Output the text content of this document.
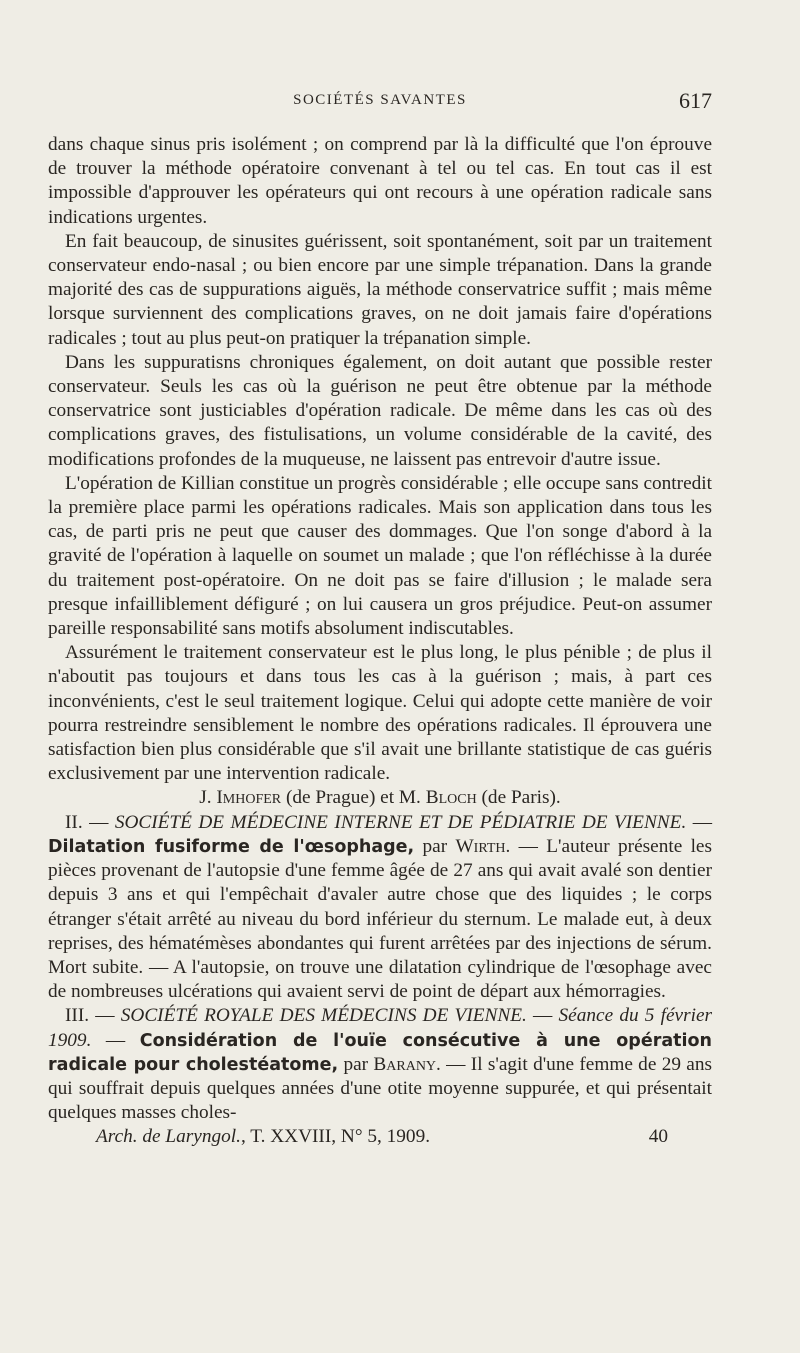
SOCIÉTÉS SAVANTES	617

dans chaque sinus pris isolément ; on comprend par là la difficulté que l'on éprouve de trouver la méthode opératoire convenant à tel ou tel cas. En tout cas il est impossible d'approuver les opérateurs qui ont recours à une opération radicale sans indications urgentes.

En fait beaucoup, de sinusites guérissent, soit spontanément, soit par un traitement conservateur endo-nasal ; ou bien encore par une simple trépanation. Dans la grande majorité des cas de suppurations aiguës, la méthode conservatrice suffit ; mais même lorsque surviennent des complications graves, on ne doit jamais faire d'opérations radicales ; tout au plus peut-on pratiquer la trépanation simple.

Dans les suppuratisns chroniques également, on doit autant que possible rester conservateur. Seuls les cas où la guérison ne peut être obtenue par la méthode conservatrice sont justiciables d'opération radicale. De même dans les cas où des complications graves, des fistulisations, un volume considérable de la cavité, des modifications profondes de la muqueuse, ne laissent pas entrevoir d'autre issue.

L'opération de Killian constitue un progrès considérable ; elle occupe sans contredit la première place parmi les opérations radicales. Mais son application dans tous les cas, de parti pris ne peut que causer des dommages. Que l'on songe d'abord à la gravité de l'opération à laquelle on soumet un malade ; que l'on réfléchisse à la durée du traitement post-opératoire. On ne doit pas se faire d'illusion ; le malade sera presque infailliblement défiguré ; on lui causera un gros préjudice. Peut-on assumer pareille responsabilité sans motifs absolument indiscutables.

Assurément le traitement conservateur est le plus long, le plus pénible ; de plus il n'aboutit pas toujours et dans tous les cas à la guérison ; mais, à part ces inconvénients, c'est le seul traitement logique. Celui qui adopte cette manière de voir pourra restreindre sensiblement le nombre des opérations radicales. Il éprouvera une satisfaction bien plus considérable que s'il avait une brillante statistique de cas guéris exclusivement par une intervention radicale.

J. Imhofer (de Prague) et M. Bloch (de Paris).

II. — SOCIÉTÉ DE MÉDECINE INTERNE ET DE PÉDIATRIE DE VIENNE. — Dilatation fusiforme de l'œsophage, par Wirth. — L'auteur présente les pièces provenant de l'autopsie d'une femme âgée de 27 ans qui avait avalé son dentier depuis 3 ans et qui l'empêchait d'avaler autre chose que des liquides ; le corps étranger s'était arrêté au niveau du bord inférieur du sternum. Le malade eut, à deux reprises, des hématémèses abondantes qui furent arrêtées par des injections de sérum. Mort subite. — A l'autopsie, on trouve une dilatation cylindrique de l'œsophage avec de nombreuses ulcérations qui avaient servi de point de départ aux hémorragies.

III. — SOCIÉTÉ ROYALE DES MÉDECINS DE VIENNE. — Séance du 5 février 1909. — Considération de l'ouïe consécutive à une opération radicale pour cholestéatome, par Barany. — Il s'agit d'une femme de 29 ans qui souffrait depuis quelques années d'une otite moyenne suppurée, et qui présentait quelques masses choles-

Arch. de Laryngol., T. XXVIII, N° 5, 1909.	40
